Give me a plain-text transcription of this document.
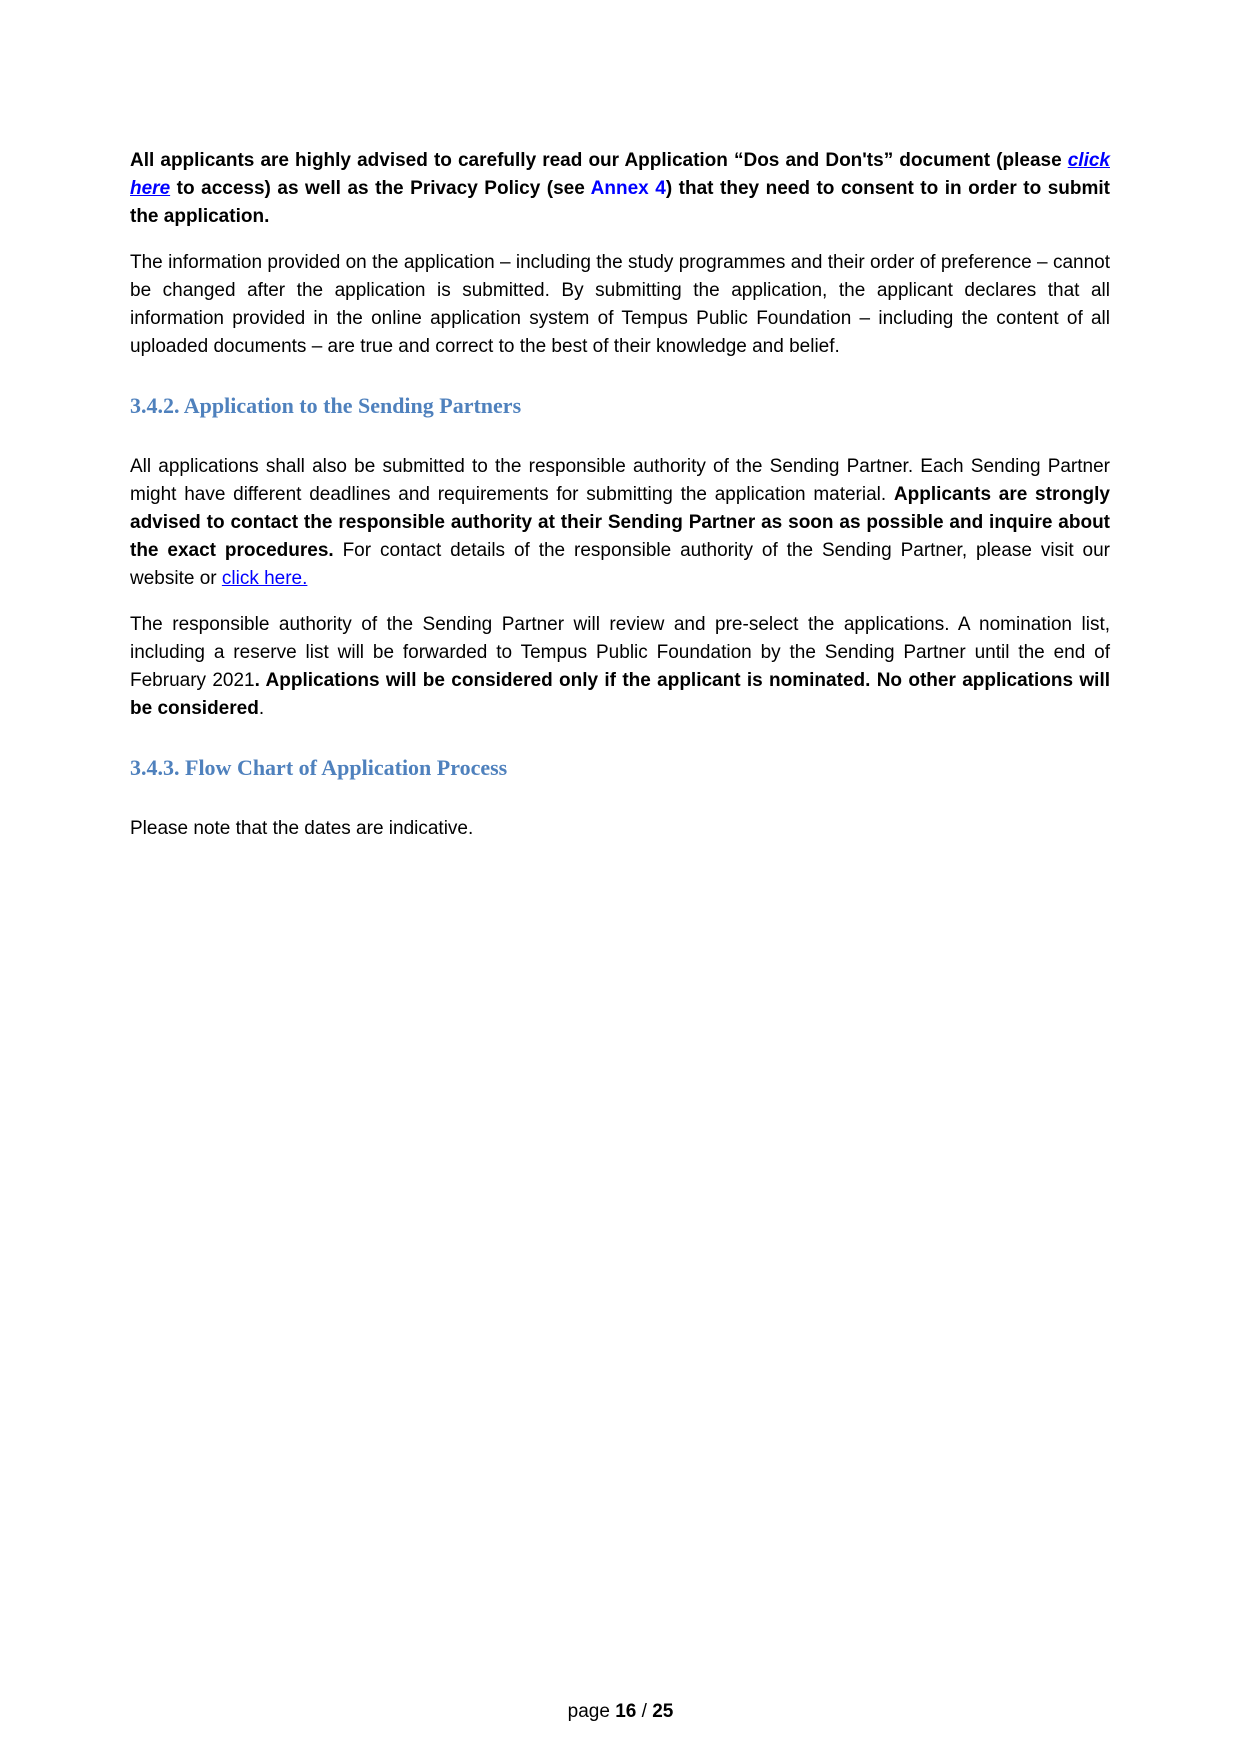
All applicants are highly advised to carefully read our Application “Dos and Don'ts” document (please click here to access) as well as the Privacy Policy (see Annex 4) that they need to consent to in order to submit the application.

The information provided on the application – including the study programmes and their order of preference – cannot be changed after the application is submitted. By submitting the application, the applicant declares that all information provided in the online application system of Tempus Public Foundation – including the content of all uploaded documents – are true and correct to the best of their knowledge and belief.

3.4.2. Application to the Sending Partners

All applications shall also be submitted to the responsible authority of the Sending Partner. Each Sending Partner might have different deadlines and requirements for submitting the application material. Applicants are strongly advised to contact the responsible authority at their Sending Partner as soon as possible and inquire about the exact procedures. For contact details of the responsible authority of the Sending Partner, please visit our website or click here.

The responsible authority of the Sending Partner will review and pre-select the applications. A nomination list, including a reserve list will be forwarded to Tempus Public Foundation by the Sending Partner until the end of February 2021. Applications will be considered only if the applicant is nominated. No other applications will be considered.

3.4.3. Flow Chart of Application Process

Please note that the dates are indicative.

page 16 / 25
